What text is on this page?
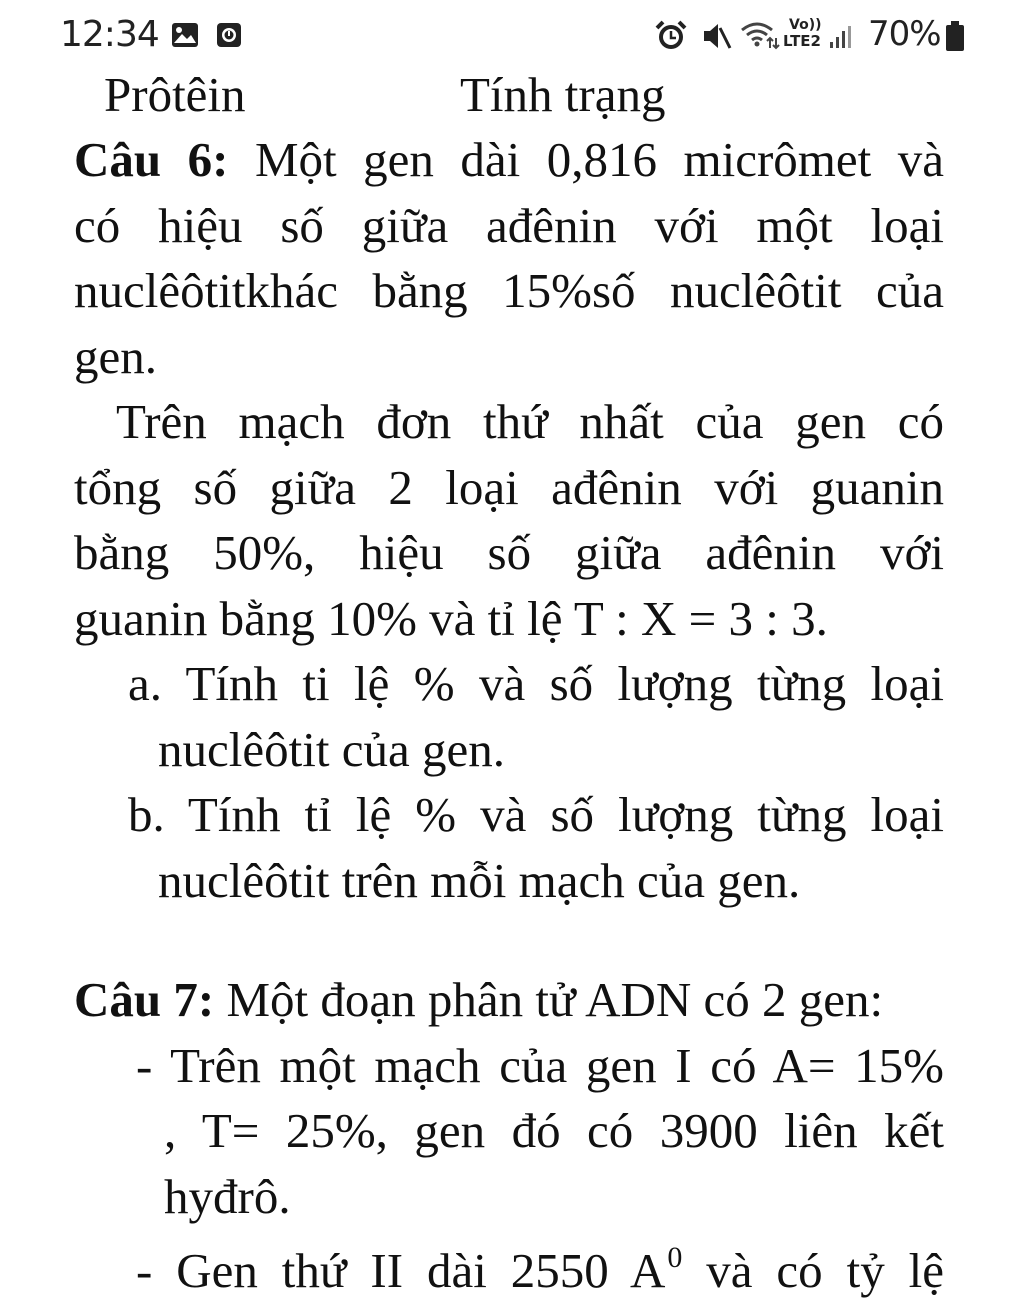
12:34	Vo))
LTE2 70%
Prôtêin	Tính trạng
Câu 6: Một gen dài 0,816 micrômet và
có hiệu số giữa ađênin với một loại
nuclêôtitkhác bằng 15%số nuclêôtit của
gen.
Trên mạch đơn thứ nhất của gen có
tổng số giữa 2 loại ađênin với guanin
bằng 50%, hiệu số giữa ađênin với
guanin bằng 10% và tỉ lệ T : X = 3 : 3.
a. Tính ti lệ % và số lượng từng loại
nuclêôtit của gen.
b. Tính tỉ lệ % và số lượng từng loại
nuclêôtit trên mỗi mạch của gen.
Câu 7: Một đoạn phân tử ADN có 2 gen:
- Trên một mạch của gen I có A= 15%
, T= 25%, gen đó có 3900 liên kết
hyđrô.
- Gen thứ II dài 2550 $A^0$ và có tỷ lệ
